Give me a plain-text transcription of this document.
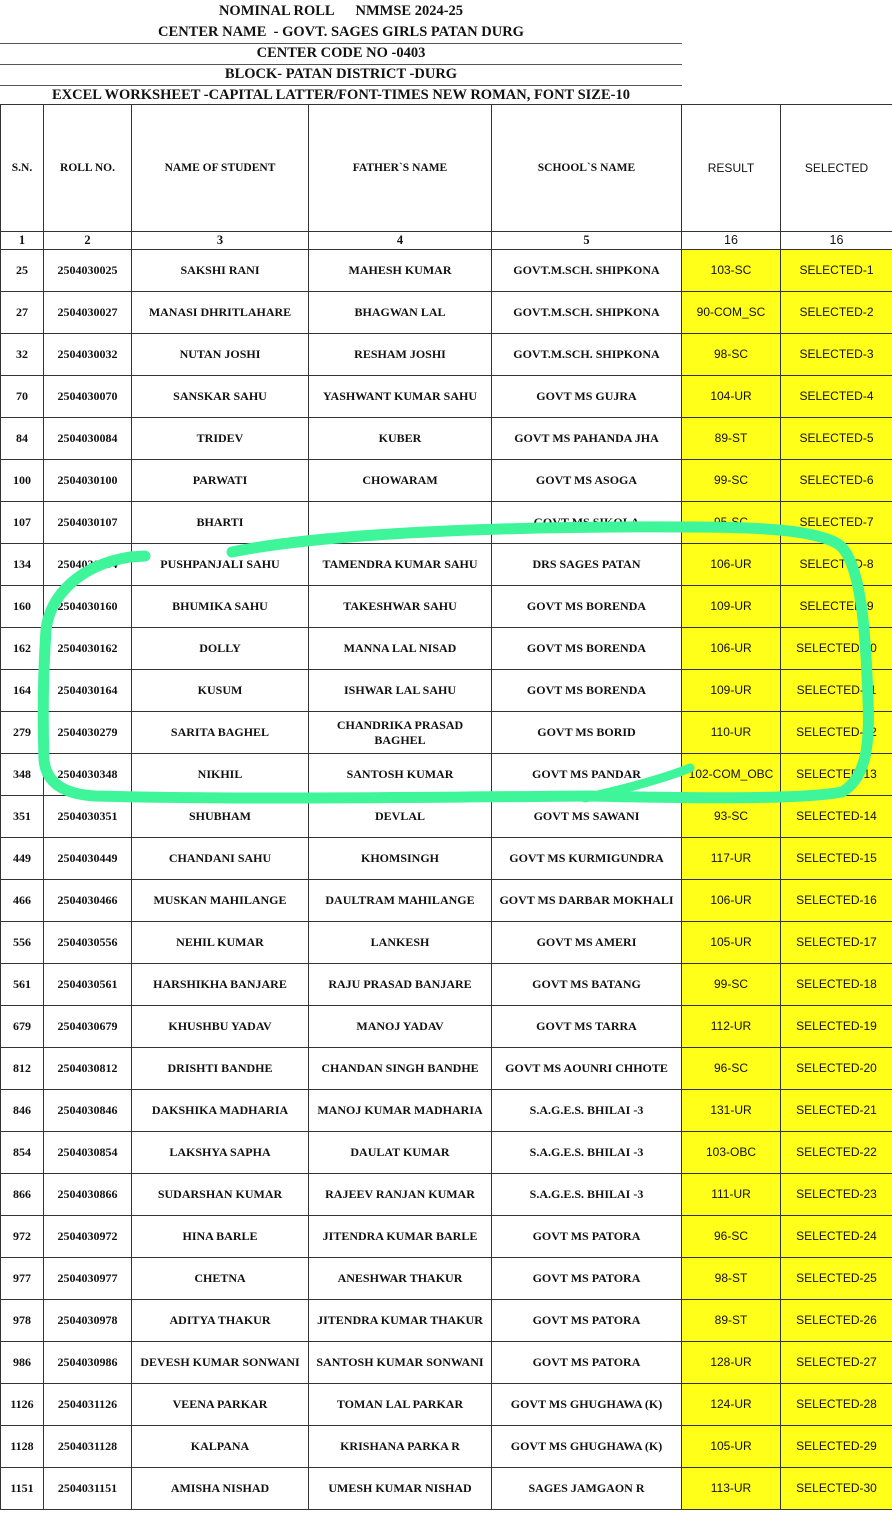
NOMINAL ROLL      NMMSE 2024-25
CENTER NAME  - GOVT. SAGES GIRLS PATAN DURG
CENTER CODE NO -0403
BLOCK- PATAN DISTRICT -DURG
EXCEL WORKSHEET -CAPITAL LATTER/FONT-TIMES NEW ROMAN, FONT SIZE-10
S.N.	ROLL NO.	NAME OF STUDENT	FATHER`S NAME	SCHOOL`S NAME	RESULT	SELECTED
1	2	3	4	5	16	16
25	2504030025	SAKSHI RANI	MAHESH KUMAR	GOVT.M.SCH. SHIPKONA	103-SC	SELECTED-1
27	2504030027	MANASI DHRITLAHARE	BHAGWAN LAL	GOVT.M.SCH. SHIPKONA	90-COM_SC	SELECTED-2
32	2504030032	NUTAN JOSHI	RESHAM JOSHI	GOVT.M.SCH. SHIPKONA	98-SC	SELECTED-3
70	2504030070	SANSKAR SAHU	YASHWANT KUMAR SAHU	GOVT MS GUJRA	104-UR	SELECTED-4
84	2504030084	TRIDEV	KUBER	GOVT MS PAHANDA JHA	89-ST	SELECTED-5
100	2504030100	PARWATI	CHOWARAM	GOVT MS ASOGA	99-SC	SELECTED-6
107	2504030107	BHARTI		GOVT MS SIKOLA	95-SC	SELECTED-7
134	2504030134	PUSHPANJALI SAHU	TAMENDRA KUMAR SAHU	DRS SAGES PATAN	106-UR	SELECTED-8
160	2504030160	BHUMIKA SAHU	TAKESHWAR SAHU	GOVT MS BORENDA	109-UR	SELECTED-9
162	2504030162	DOLLY	MANNA LAL NISAD	GOVT MS BORENDA	106-UR	SELECTED-10
164	2504030164	KUSUM	ISHWAR LAL SAHU	GOVT MS BORENDA	109-UR	SELECTED-11
279	2504030279	SARITA BAGHEL	CHANDRIKA PRASAD BAGHEL	GOVT MS BORID	110-UR	SELECTED-12
348	2504030348	NIKHIL	SANTOSH KUMAR	GOVT MS PANDAR	102-COM_OBC	SELECTED-13
351	2504030351	SHUBHAM	DEVLAL	GOVT MS SAWANI	93-SC	SELECTED-14
449	2504030449	CHANDANI SAHU	KHOMSINGH	GOVT MS KURMIGUNDRA	117-UR	SELECTED-15
466	2504030466	MUSKAN MAHILANGE	DAULTRAM MAHILANGE	GOVT MS DARBAR MOKHALI	106-UR	SELECTED-16
556	2504030556	NEHIL KUMAR	LANKESH	GOVT MS AMERI	105-UR	SELECTED-17
561	2504030561	HARSHIKHA BANJARE	RAJU PRASAD BANJARE	GOVT MS BATANG	99-SC	SELECTED-18
679	2504030679	KHUSHBU YADAV	MANOJ YADAV	GOVT MS TARRA	112-UR	SELECTED-19
812	2504030812	DRISHTI BANDHE	CHANDAN SINGH BANDHE	GOVT MS AOUNRI CHHOTE	96-SC	SELECTED-20
846	2504030846	DAKSHIKA MADHARIA	MANOJ KUMAR MADHARIA	S.A.G.E.S. BHILAI -3	131-UR	SELECTED-21
854	2504030854	LAKSHYA SAPHA	DAULAT KUMAR	S.A.G.E.S. BHILAI -3	103-OBC	SELECTED-22
866	2504030866	SUDARSHAN KUMAR	RAJEEV RANJAN KUMAR	S.A.G.E.S. BHILAI -3	111-UR	SELECTED-23
972	2504030972	HINA BARLE	JITENDRA KUMAR BARLE	GOVT MS PATORA	96-SC	SELECTED-24
977	2504030977	CHETNA	ANESHWAR THAKUR	GOVT MS PATORA	98-ST	SELECTED-25
978	2504030978	ADITYA THAKUR	JITENDRA KUMAR THAKUR	GOVT MS PATORA	89-ST	SELECTED-26
986	2504030986	DEVESH KUMAR SONWANI	SANTOSH KUMAR SONWANI	GOVT MS PATORA	128-UR	SELECTED-27
1126	2504031126	VEENA PARKAR	TOMAN LAL PARKAR	GOVT MS GHUGHAWA (K)	124-UR	SELECTED-28
1128	2504031128	KALPANA	KRISHANA PARKA R	GOVT MS GHUGHAWA (K)	105-UR	SELECTED-29
1151	2504031151	AMISHA NISHAD	UMESH KUMAR NISHAD	SAGES JAMGAON R	113-UR	SELECTED-30
